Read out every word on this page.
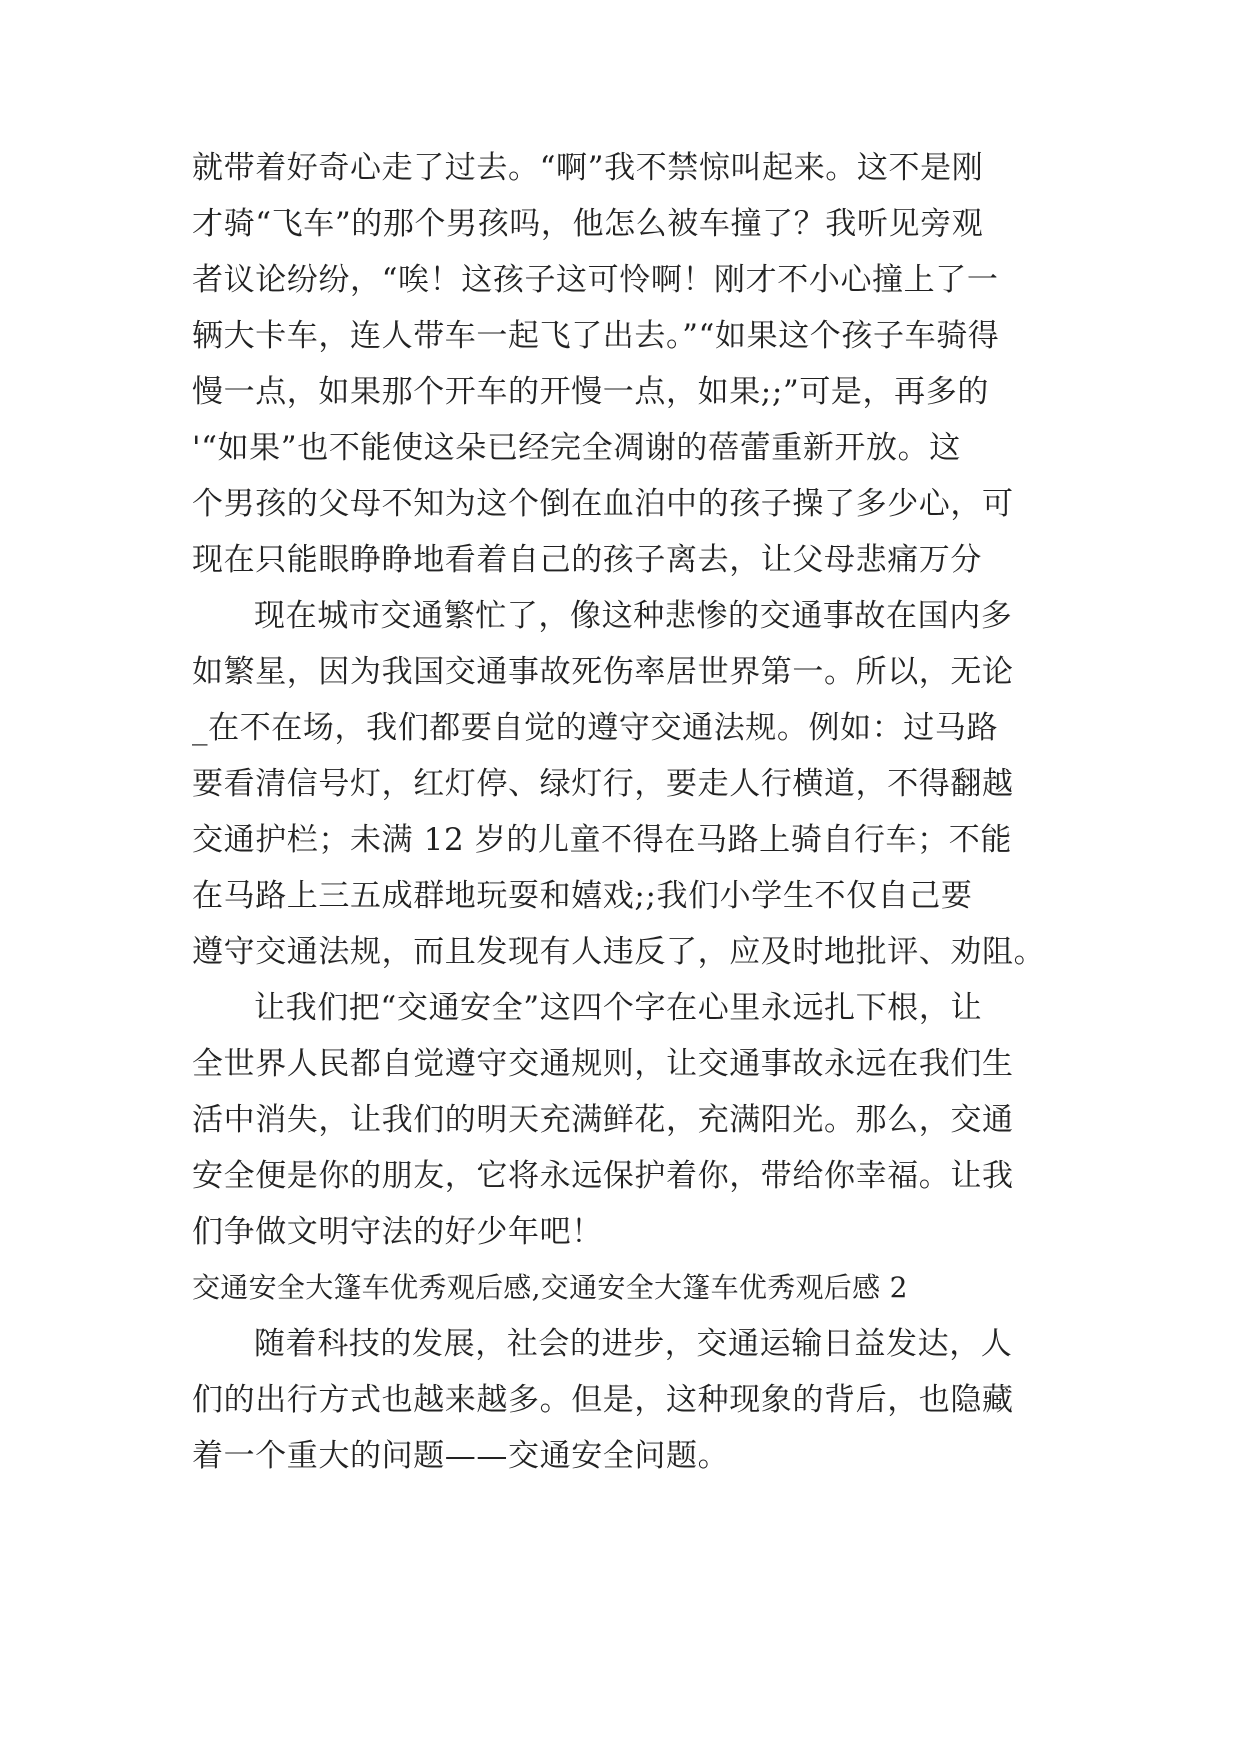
就带着好奇心走了过去。“啊”我不禁惊叫起来。这不是刚
才骑“飞车”的那个男孩吗，他怎么被车撞了？我听见旁观
者议论纷纷，“唉！这孩子这可怜啊！刚才不小心撞上了一
辆大卡车，连人带车一起飞了出去。”“如果这个孩子车骑得
慢一点，如果那个开车的开慢一点，如果;;”可是，再多的
'“如果”也不能使这朵已经完全凋谢的蓓蕾重新开放。这
个男孩的父母不知为这个倒在血泊中的孩子操了多少心，可
现在只能眼睁睁地看着自己的孩子离去，让父母悲痛万分
现在城市交通繁忙了，像这种悲惨的交通事故在国内多
如繁星，因为我国交通事故死伤率居世界第一。所以，无论
_在不在场，我们都要自觉的遵守交通法规。例如：过马路
要看清信号灯，红灯停、绿灯行，要走人行横道，不得翻越
交通护栏；未满 12 岁的儿童不得在马路上骑自行车；不能
在马路上三五成群地玩耍和嬉戏;;我们小学生不仅自己要
遵守交通法规，而且发现有人违反了，应及时地批评、劝阻。
让我们把“交通安全”这四个字在心里永远扎下根，让
全世界人民都自觉遵守交通规则，让交通事故永远在我们生
活中消失，让我们的明天充满鲜花，充满阳光。那么，交通
安全便是你的朋友，它将永远保护着你，带给你幸福。让我
们争做文明守法的好少年吧！
交通安全大篷车优秀观后感,交通安全大篷车优秀观后感 2
随着科技的发展，社会的进步，交通运输日益发达，人
们的出行方式也越来越多。但是，这种现象的背后，也隐藏
着一个重大的问题——交通安全问题。
